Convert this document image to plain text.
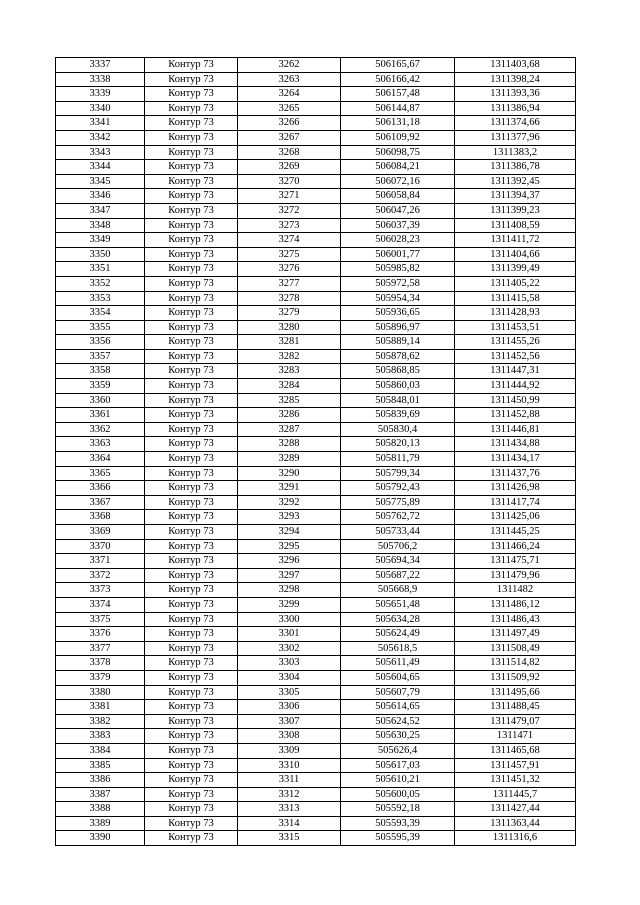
3337	Контур 73	3262	506165,67	1311403,68
3338	Контур 73	3263	506166,42	1311398,24
3339	Контур 73	3264	506157,48	1311393,36
3340	Контур 73	3265	506144,87	1311386,94
3341	Контур 73	3266	506131,18	1311374,66
3342	Контур 73	3267	506109,92	1311377,96
3343	Контур 73	3268	506098,75	1311383,2
3344	Контур 73	3269	506084,21	1311386,78
3345	Контур 73	3270	506072,16	1311392,45
3346	Контур 73	3271	506058,84	1311394,37
3347	Контур 73	3272	506047,26	1311399,23
3348	Контур 73	3273	506037,39	1311408,59
3349	Контур 73	3274	506028,23	1311411,72
3350	Контур 73	3275	506001,77	1311404,66
3351	Контур 73	3276	505985,82	1311399,49
3352	Контур 73	3277	505972,58	1311405,22
3353	Контур 73	3278	505954,34	1311415,58
3354	Контур 73	3279	505936,65	1311428,93
3355	Контур 73	3280	505896,97	1311453,51
3356	Контур 73	3281	505889,14	1311455,26
3357	Контур 73	3282	505878,62	1311452,56
3358	Контур 73	3283	505868,85	1311447,31
3359	Контур 73	3284	505860,03	1311444,92
3360	Контур 73	3285	505848,01	1311450,99
3361	Контур 73	3286	505839,69	1311452,88
3362	Контур 73	3287	505830,4	1311446,81
3363	Контур 73	3288	505820,13	1311434,88
3364	Контур 73	3289	505811,79	1311434,17
3365	Контур 73	3290	505799,34	1311437,76
3366	Контур 73	3291	505792,43	1311426,98
3367	Контур 73	3292	505775,89	1311417,74
3368	Контур 73	3293	505762,72	1311425,06
3369	Контур 73	3294	505733,44	1311445,25
3370	Контур 73	3295	505706,2	1311466,24
3371	Контур 73	3296	505694,34	1311475,71
3372	Контур 73	3297	505687,22	1311479,96
3373	Контур 73	3298	505668,9	1311482
3374	Контур 73	3299	505651,48	1311486,12
3375	Контур 73	3300	505634,28	1311486,43
3376	Контур 73	3301	505624,49	1311497,49
3377	Контур 73	3302	505618,5	1311508,49
3378	Контур 73	3303	505611,49	1311514,82
3379	Контур 73	3304	505604,65	1311509,92
3380	Контур 73	3305	505607,79	1311495,66
3381	Контур 73	3306	505614,65	1311488,45
3382	Контур 73	3307	505624,52	1311479,07
3383	Контур 73	3308	505630,25	1311471
3384	Контур 73	3309	505626,4	1311465,68
3385	Контур 73	3310	505617,03	1311457,91
3386	Контур 73	3311	505610,21	1311451,32
3387	Контур 73	3312	505600,05	1311445,7
3388	Контур 73	3313	505592,18	1311427,44
3389	Контур 73	3314	505593,39	1311363,44
3390	Контур 73	3315	505595,39	1311316,6
